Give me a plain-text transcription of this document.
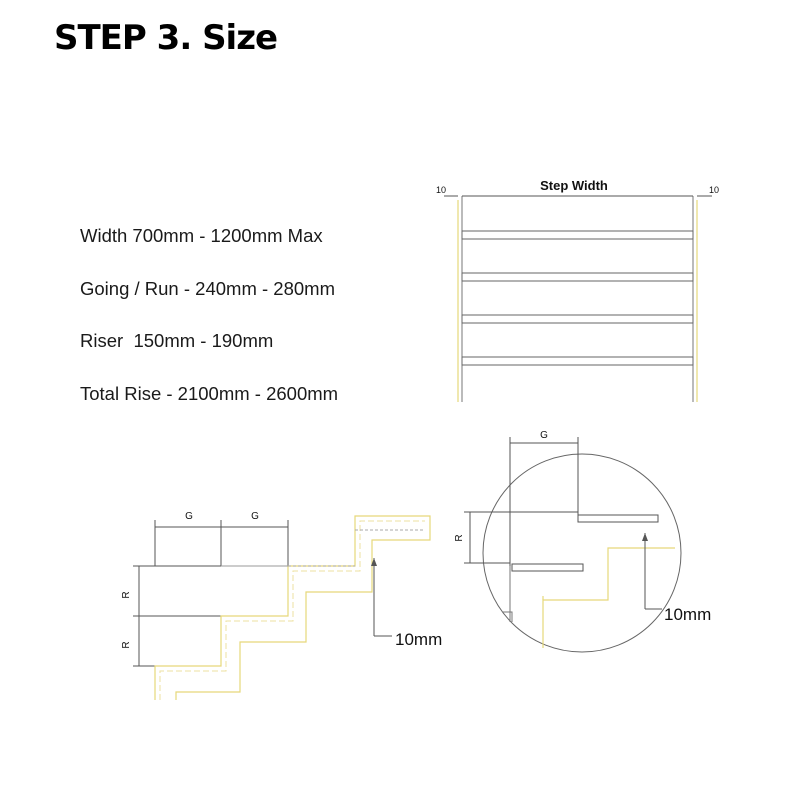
STEP 3. Size
Width 700mm - 1200mm Max
Going / Run - 240mm - 280mm
Riser  150mm - 190mm
Total Rise - 2100mm - 2600mm
Step Width
10	10
G	G
R
R	10mm
G
R
10mm
